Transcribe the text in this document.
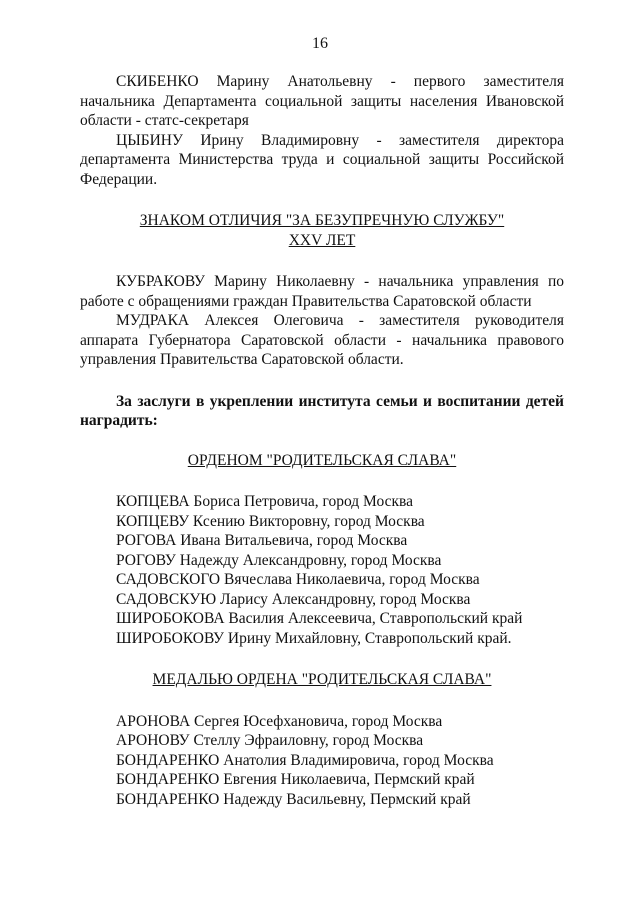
16

СКИБЕНКО Марину Анатольевну - первого заместителя начальника Департамента социальной защиты населения Ивановской области - статс-секретаря

ЦЫБИНУ Ирину Владимировну - заместителя директора департамента Министерства труда и социальной защиты Российской Федерации.

ЗНАКОМ ОТЛИЧИЯ "ЗА БЕЗУПРЕЧНУЮ СЛУЖБУ"

XXV ЛЕТ

КУБРАКОВУ Марину Николаевну - начальника управления по работе с обращениями граждан Правительства Саратовской области

МУДРАКА Алексея Олеговича - заместителя руководителя аппарата Губернатора Саратовской области - начальника правового управления Правительства Саратовской области.

За заслуги в укреплении института семьи и воспитании детей наградить:

ОРДЕНОМ "РОДИТЕЛЬСКАЯ СЛАВА"

КОПЦЕВА Бориса Петровича, город Москва

КОПЦЕВУ Ксению Викторовну, город Москва

РОГОВА Ивана Витальевича, город Москва

РОГОВУ Надежду Александровну, город Москва

САДОВСКОГО Вячеслава Николаевича, город Москва

САДОВСКУЮ Ларису Александровну, город Москва

ШИРОБОКОВА Василия Алексеевича, Ставропольский край

ШИРОБОКОВУ Ирину Михайловну, Ставропольский край.

МЕДАЛЬЮ ОРДЕНА "РОДИТЕЛЬСКАЯ СЛАВА"

АРОНОВА Сергея Юсефхановича, город Москва

АРОНОВУ Стеллу Эфраиловну, город Москва

БОНДАРЕНКО Анатолия Владимировича, город Москва

БОНДАРЕНКО Евгения Николаевича, Пермский край

БОНДАРЕНКО Надежду Васильевну, Пермский край
